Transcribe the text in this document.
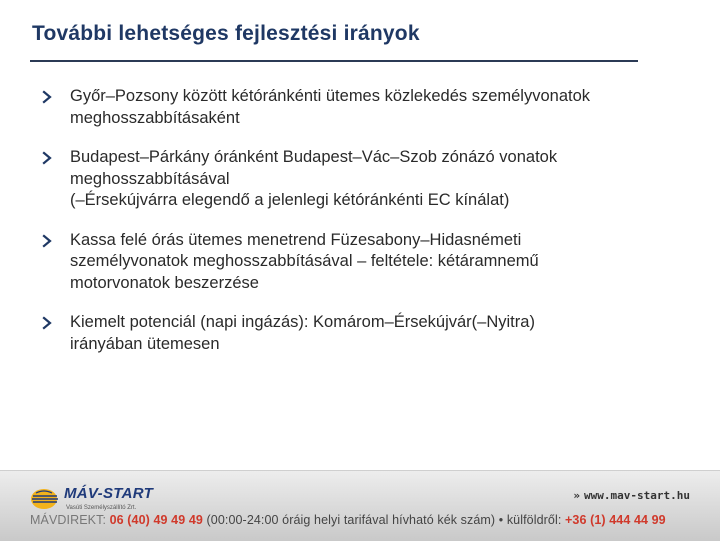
További lehetséges fejlesztési irányok
Győr–Pozsony között kétóránkénti ütemes közlekedés személyvonatok
meghosszabbításaként
Budapest–Párkány óránként Budapest–Vác–Szob zónázó vonatok
meghosszabbításával
(–Érsekújvárra elegendő a jelenlegi kétóránkénti EC kínálat)
Kassa felé órás ütemes menetrend Füzesabony–Hidasnémeti
személyvonatok meghosszabbításával – feltétele: kétáramnemű
motorvonatok beszerzése
Kiemelt potenciál (napi ingázás): Komárom–Érsekújvár(–Nyitra)
irányában ütemesen
MÁV-START
Vasúti Személyszállító Zrt.
» www.mav-start.hu
MÁVDIREKT: 06 (40) 49 49 49 (00:00-24:00 óráig helyi tarifával hívható kék szám) • külföldről: +36 (1) 444 44 99
